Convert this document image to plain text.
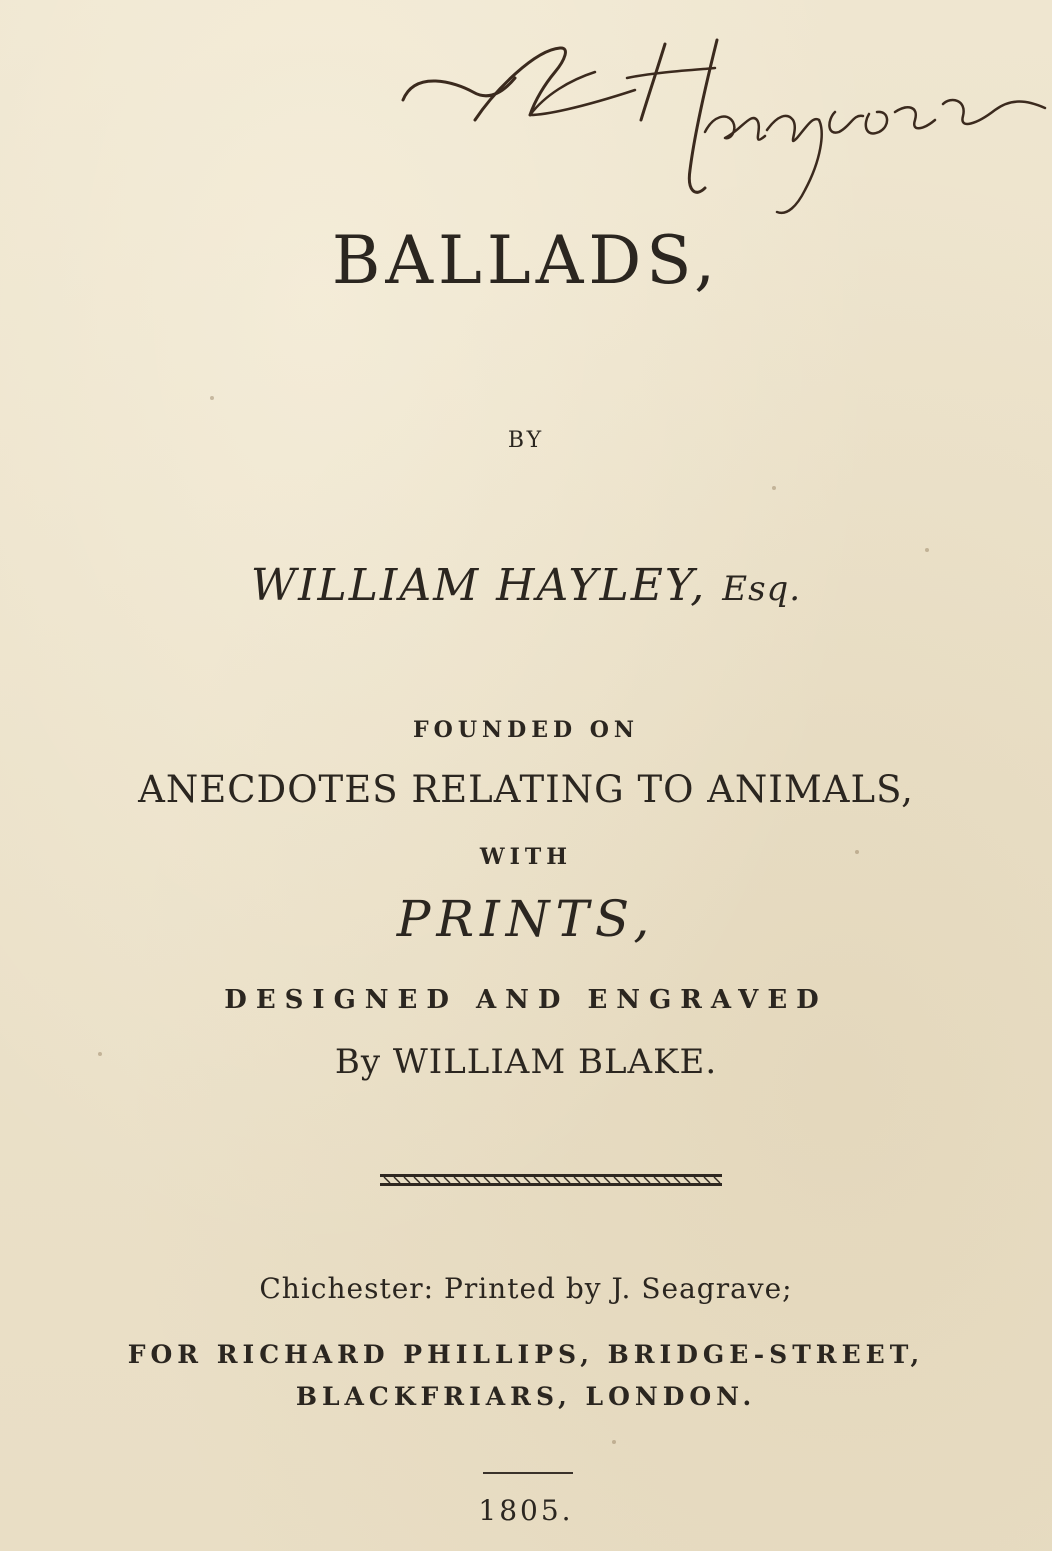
BALLADS,
BY
WILLIAM HAYLEY, Esq.
FOUNDED ON
ANECDOTES RELATING TO ANIMALS,
WITH
PRINTS,
DESIGNED AND ENGRAVED
By WILLIAM BLAKE.
Chichester: Printed by J. Seagrave;
FOR RICHARD PHILLIPS, BRIDGE-STREET,
BLACKFRIARS, LONDON.
1805.
